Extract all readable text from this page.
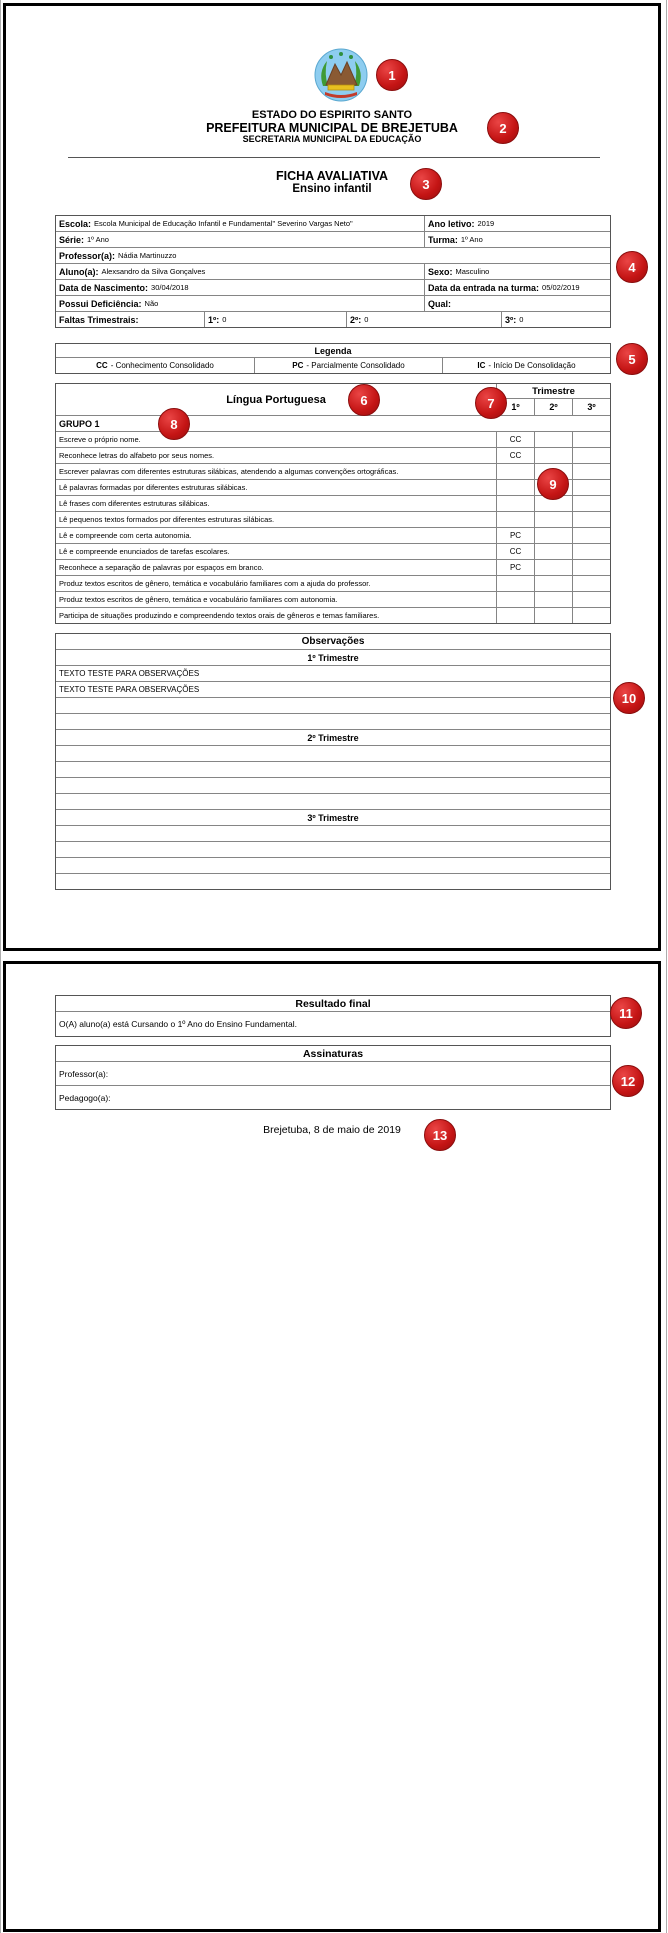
ESTADO DO ESPIRITO SANTO
PREFEITURA MUNICIPAL DE BREJETUBA
SECRETARIA MUNICIPAL DA EDUCAÇÃO
FICHA AVALIATIVA
Ensino infantil
Escola: Escola Municipal de Educação Infantil e Fundamental" Severino Vargas Neto"	Ano letivo: 2019
Série: 1º Ano	Turma: 1º Ano
Professor(a): Nádia Martinuzzo
Aluno(a): Alexsandro da Silva Gonçalves	Sexo: Masculino
Data de Nascimento: 30/04/2018	Data da entrada na turma: 05/02/2019
Possui Deficiência: Não	Qual:
Faltas Trimestrais:	1º: 0	2º: 0	3º: 0
Legenda
CC - Conhecimento Consolidado	PC - Parcialmente Consolidado	IC - Início De Consolidação
Língua Portuguesa
Trimestre
1º	2º	3º
GRUPO 1
Escreve o próprio nome.	CC
Reconhece letras do alfabeto por seus nomes.	CC
Escrever palavras com diferentes estruturas silábicas, atendendo a algumas convenções ortográficas.
Lê palavras formadas por diferentes estruturas silábicas.
Lê frases com diferentes estruturas silábicas.
Lê pequenos textos formados por diferentes estruturas silábicas.
Lê e compreende com certa autonomia.	PC
Lê e compreende enunciados de tarefas escolares.	CC
Reconhece a separação de palavras por espaços em branco.	PC
Produz textos escritos de gênero, temática e vocabulário familiares com a ajuda do professor.
Produz textos escritos de gênero, temática e vocabulário familiares com autonomia.
Participa de situações produzindo e compreendendo textos orais de gêneros e temas familiares.
Observações
1º Trimestre
TEXTO TESTE PARA OBSERVAÇÕES
TEXTO TESTE PARA OBSERVAÇÕES
2º Trimestre
3º Trimestre
Resultado final
O(A) aluno(a) está Cursando o 1º Ano do Ensino Fundamental.
Assinaturas
Professor(a):
Pedagogo(a):
Brejetuba, 8 de maio de 2019
1
2
3
4
5
6	7
8
9
10
11
12
13
